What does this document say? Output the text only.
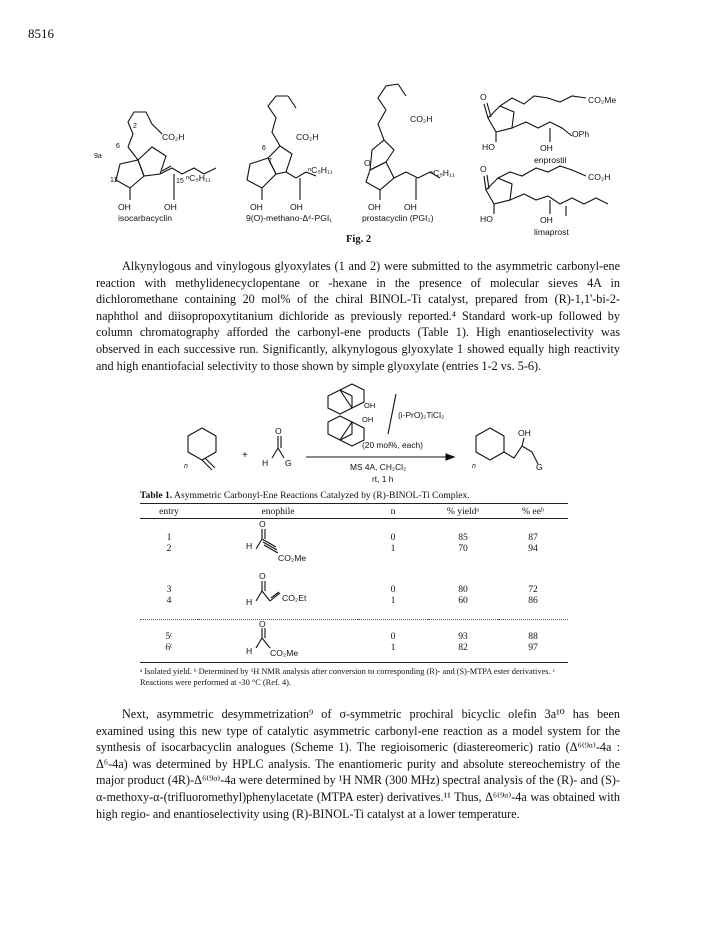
8516
2
6
9a
11	15
CO₂H
ⁿC₅H₁₁
OH	OH
isocarbacyclin
6
7
CO₂H
ⁿC₅H₁₁
OH	OH
9(O)-methano-Δ⁶-PGI₁
CO₂H
O
ⁿC₅H₁₁
OH	OH
prostacyclin (PGI₂)
O	CO₂Me
OPh
HO	OH
enprostil
O
CO₂H
HO	OH
limaprost
Fig. 2

Alkynylogous and vinylogous glyoxylates (1 and 2) were submitted to the asymmetric carbonyl-ene reaction with methylidenecyclopentane or -hexane in the presence of molecular sieves 4A in dichloromethane containing 20 mol% of the chiral BINOL-Ti catalyst, prepared from (R)-1,1'-bi-2-naphthol and diisopropoxytitanium dichloride as previously reported.⁴ Standard work-up followed by column chromatography afforded the carbonyl-ene products (Table 1). High enantioselectivity was observed in each successive run. Significantly, alkynylogous glyoxylate 1 showed equally high reactivity and high enantiofacial selectivity to those shown by simple glyoxylate (entries 1-2 vs. 5-6).

n
+
O
H G
OH
OH	(i-PrO)₂TiCl₂
(20 mol%, each)
MS 4A, CH₂Cl₂
rt, 1 h
OH
G
n
Table 1. Asymmetric Carbonyl-Ene Reactions Catalyzed by (R)-BINOL-Ti Complex.
entry	enophile	n	% yieldᵃ	% eeᵇ
1	O
H
CO₂Me	0	85	87
2		1	70	94
3	O
H CO₂Et	0	80	72
4		1	60	86
5ᶜ	O
H CO₂Me	0	93	88
6ᶜ		1	82	97
ᵃ Isolated yield. ᵇ Determined by ¹H NMR analysis after conversion to corresponding (R)- and (S)-MTPA ester derivatives. ᶜ Reactions were performed at -30 °C (Ref. 4).

Next, asymmetric desymmetrization⁹ of σ-symmetric prochiral bicyclic olefin 3a¹⁰ has been examined using this new type of catalytic asymmetric carbonyl-ene reaction as a model system for the synthesis of isocarbacyclin analogues (Scheme 1). The regioisomeric (diastereomeric) ratio (Δ⁶⁽⁹ᵅ⁾-4a : Δ⁶-4a) was determined by HPLC analysis. The enantiomeric purity and absolute stereochemistry of the major product (4R)-Δ⁶⁽⁹ᵅ⁾-4a were determined by ¹H NMR (300 MHz) spectral analysis of the (R)- and (S)-α-methoxy-α-(trifluoromethyl)phenylacetate (MTPA ester) derivatives.¹¹ Thus, Δ⁶⁽⁹ᵅ⁾-4a was obtained with high regio- and enantioselectivity using (R)-BINOL-Ti catalyst at a lower temperature.
